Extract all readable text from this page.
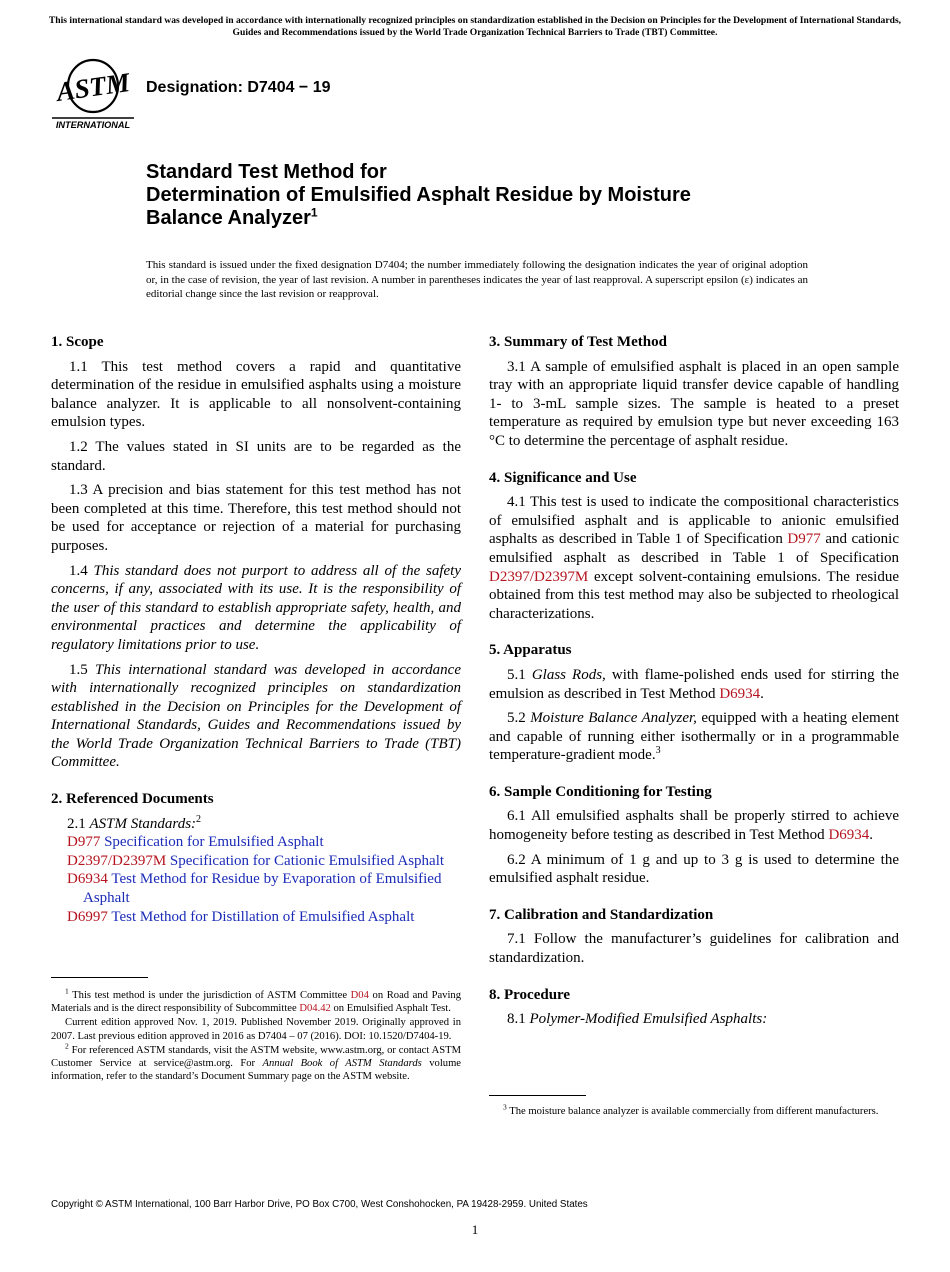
This international standard was developed in accordance with internationally recognized principles on standardization established in the Decision on Principles for the Development of International Standards, Guides and Recommendations issued by the World Trade Organization Technical Barriers to Trade (TBT) Committee.
ASTM
INTERNATIONAL
Designation: D7404 − 19
Standard Test Method for
Determination of Emulsified Asphalt Residue by Moisture
Balance Analyzer$^1$
This standard is issued under the fixed designation D7404; the number immediately following the designation indicates the year of original adoption or, in the case of revision, the year of last revision. A number in parentheses indicates the year of last reapproval. A superscript epsilon (ε) indicates an editorial change since the last revision or reapproval.
1. Scope

1.1 This test method covers a rapid and quantitative determination of the residue in emulsified asphalts using a moisture balance analyzer. It is applicable to all nonsolvent-containing emulsion types.

1.2 The values stated in SI units are to be regarded as the standard.

1.3 A precision and bias statement for this test method has not been completed at this time. Therefore, this test method should not be used for acceptance or rejection of a material for purchasing purposes.

1.4 This standard does not purport to address all of the safety concerns, if any, associated with its use. It is the responsibility of the user of this standard to establish appropriate safety, health, and environmental practices and determine the applicability of regulatory limitations prior to use.

1.5 This international standard was developed in accordance with internationally recognized principles on standardization established in the Decision on Principles for the Development of International Standards, Guides and Recommendations issued by the World Trade Organization Technical Barriers to Trade (TBT) Committee.

2. Referenced Documents

2.1 ASTM Standards:$^2$

D977 Specification for Emulsified Asphalt
D2397/D2397M Specification for Cationic Emulsified Asphalt
D6934 Test Method for Residue by Evaporation of Emulsified Asphalt
D6997 Test Method for Distillation of Emulsified Asphalt
3. Summary of Test Method

3.1 A sample of emulsified asphalt is placed in an open sample tray with an appropriate liquid transfer device capable of handling 1- to 3-mL sample sizes. The sample is heated to a preset temperature as required by emulsion type but never exceeding 163 °C to determine the percentage of asphalt residue.

4. Significance and Use

4.1 This test is used to indicate the compositional characteristics of emulsified asphalt and is applicable to anionic emulsified asphalts as described in Table 1 of Specification D977 and cationic emulsified asphalt as described in Table 1 of Specification D2397/D2397M except solvent-containing emulsions. The residue obtained from this test method may also be subjected to rheological characterizations.

5. Apparatus

5.1 Glass Rods, with flame-polished ends used for stirring the emulsion as described in Test Method D6934.

5.2 Moisture Balance Analyzer, equipped with a heating element and capable of running either isothermally or in a programmable temperature-gradient mode.$^3$

6. Sample Conditioning for Testing

6.1 All emulsified asphalts shall be properly stirred to achieve homogeneity before testing as described in Test Method D6934.

6.2 A minimum of 1 g and up to 3 g is used to determine the emulsified asphalt residue.

7. Calibration and Standardization

7.1 Follow the manufacturer’s guidelines for calibration and standardization.

8. Procedure

8.1 Polymer-Modified Emulsified Asphalts:

$^1$ This test method is under the jurisdiction of ASTM Committee D04 on Road and Paving Materials and is the direct responsibility of Subcommittee D04.42 on Emulsified Asphalt Test.

Current edition approved Nov. 1, 2019. Published November 2019. Originally approved in 2007. Last previous edition approved in 2016 as D7404 – 07 (2016). DOI: 10.1520/D7404-19.

$^2$ For referenced ASTM standards, visit the ASTM website, www.astm.org, or contact ASTM Customer Service at service@astm.org. For Annual Book of ASTM Standards volume information, refer to the standard’s Document Summary page on the ASTM website.

$^3$ The moisture balance analyzer is available commercially from different manufacturers.

Copyright © ASTM International, 100 Barr Harbor Drive, PO Box C700, West Conshohocken, PA 19428-2959. United States
1
